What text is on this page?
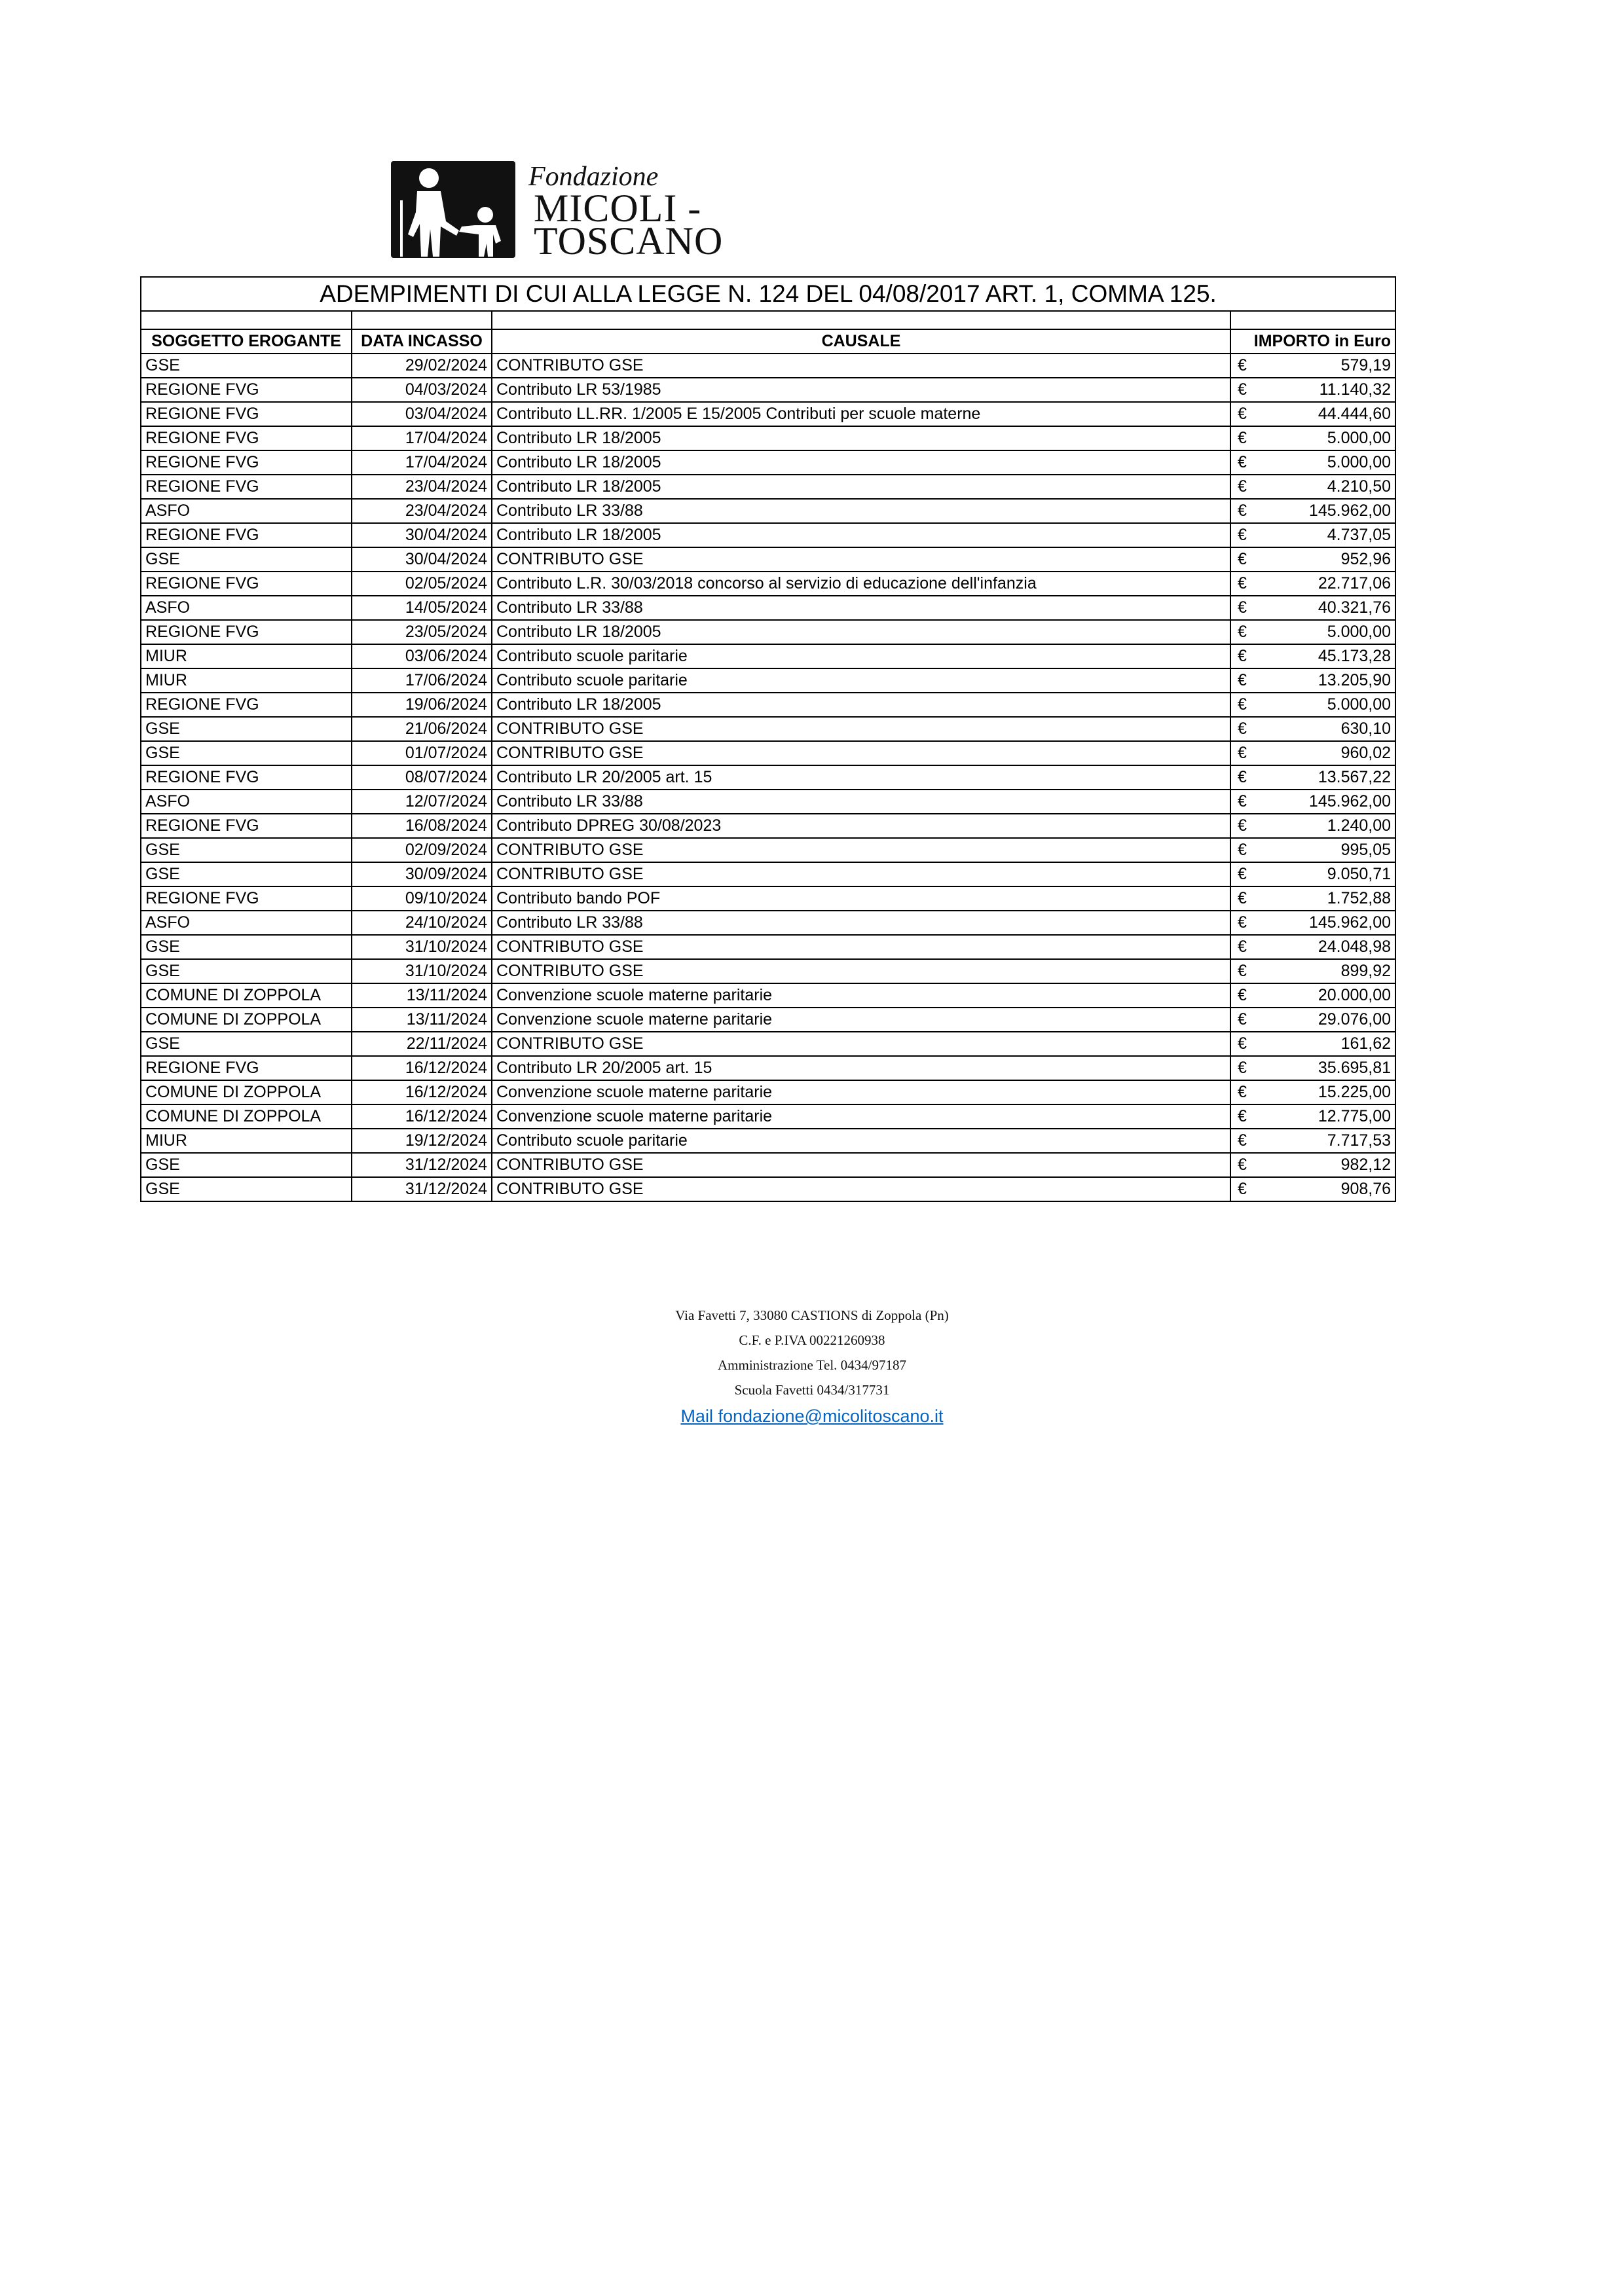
Fondazione
MICOLI -
TOSCANO
ADEMPIMENTI DI CUI ALLA LEGGE N. 124 DEL 04/08/2017 ART. 1, COMMA 125.			

SOGGETTO EROGANTE	DATA INCASSO	CAUSALE	IMPORTO in Euro
GSE	29/02/2024	CONTRIBUTO GSE	€ 579,19

REGIONE FVG	04/03/2024	Contributo LR 53/1985	€ 11.140,32

REGIONE FVG	03/04/2024	Contributo LL.RR. 1/2005 E 15/2005 Contributi per scuole materne	€ 44.444,60

REGIONE FVG	17/04/2024	Contributo LR 18/2005	€ 5.000,00

REGIONE FVG	17/04/2024	Contributo LR 18/2005	€ 5.000,00

REGIONE FVG	23/04/2024	Contributo LR 18/2005	€ 4.210,50

ASFO	23/04/2024	Contributo LR 33/88	€ 145.962,00

REGIONE FVG	30/04/2024	Contributo LR 18/2005	€ 4.737,05

GSE	30/04/2024	CONTRIBUTO GSE	€ 952,96

REGIONE FVG	02/05/2024	Contributo L.R. 30/03/2018 concorso al servizio di educazione dell'infanzia	€ 22.717,06

ASFO	14/05/2024	Contributo LR 33/88	€ 40.321,76

REGIONE FVG	23/05/2024	Contributo LR 18/2005	€ 5.000,00

MIUR	03/06/2024	Contributo scuole paritarie	€ 45.173,28

MIUR	17/06/2024	Contributo scuole paritarie	€ 13.205,90

REGIONE FVG	19/06/2024	Contributo LR 18/2005	€ 5.000,00

GSE	21/06/2024	CONTRIBUTO GSE	€ 630,10

GSE	01/07/2024	CONTRIBUTO GSE	€ 960,02

REGIONE FVG	08/07/2024	Contributo LR 20/2005 art. 15	€ 13.567,22

ASFO	12/07/2024	Contributo LR 33/88	€ 145.962,00

REGIONE FVG	16/08/2024	Contributo DPREG 30/08/2023	€ 1.240,00

GSE	02/09/2024	CONTRIBUTO GSE	€ 995,05

GSE	30/09/2024	CONTRIBUTO GSE	€ 9.050,71

REGIONE FVG	09/10/2024	Contributo bando POF	€ 1.752,88

ASFO	24/10/2024	Contributo LR 33/88	€ 145.962,00

GSE	31/10/2024	CONTRIBUTO GSE	€ 24.048,98

GSE	31/10/2024	CONTRIBUTO GSE	€ 899,92

COMUNE DI ZOPPOLA	13/11/2024	Convenzione scuole materne paritarie	€ 20.000,00

COMUNE DI ZOPPOLA	13/11/2024	Convenzione scuole materne paritarie	€ 29.076,00

GSE	22/11/2024	CONTRIBUTO GSE	€ 161,62

REGIONE FVG	16/12/2024	Contributo LR 20/2005 art. 15	€ 35.695,81

COMUNE DI ZOPPOLA	16/12/2024	Convenzione scuole materne paritarie	€ 15.225,00

COMUNE DI ZOPPOLA	16/12/2024	Convenzione scuole materne paritarie	€ 12.775,00

MIUR	19/12/2024	Contributo scuole paritarie	€ 7.717,53

GSE	31/12/2024	CONTRIBUTO GSE	€ 982,12

GSE	31/12/2024	CONTRIBUTO GSE	€ 908,76
Via Favetti 7, 33080 CASTIONS di Zoppola (Pn)
C.F. e P.IVA 00221260938
Amministrazione Tel. 0434/97187
Scuola Favetti 0434/317731
Mail fondazione@micolitoscano.it
